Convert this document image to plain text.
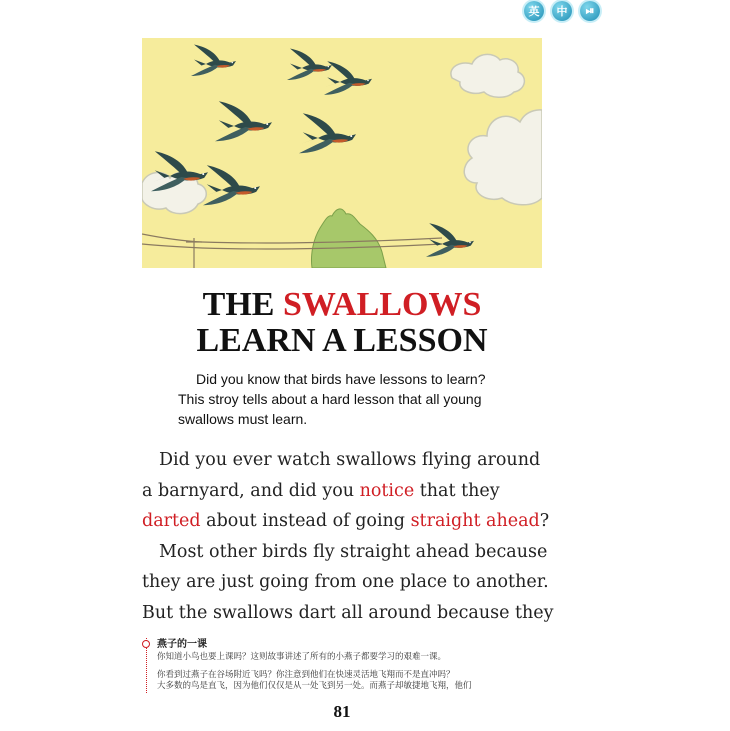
英 中 ⏯
THE SWALLOWS
LEARN A LESSON

Did you know that birds have lessons to learn?

This stroy tells about a hard lesson that all young
swallows must learn.
Did you ever watch swallows flying around
a barnyard, and did you notice that they
darted about instead of going straight ahead?
Most other birds fly straight ahead because
they are just going from one place to another.
But the swallows dart all around because they
燕子的一课
你知道小鸟也要上课吗？这则故事讲述了所有的小燕子都要学习的艰难一课。
你看到过燕子在谷场附近飞吗？你注意到他们在快速灵活地飞翔而不是直冲吗？
大多数的鸟是直飞，因为他们仅仅是从一处飞到另一处。而燕子却敏捷地飞翔，他们
81
